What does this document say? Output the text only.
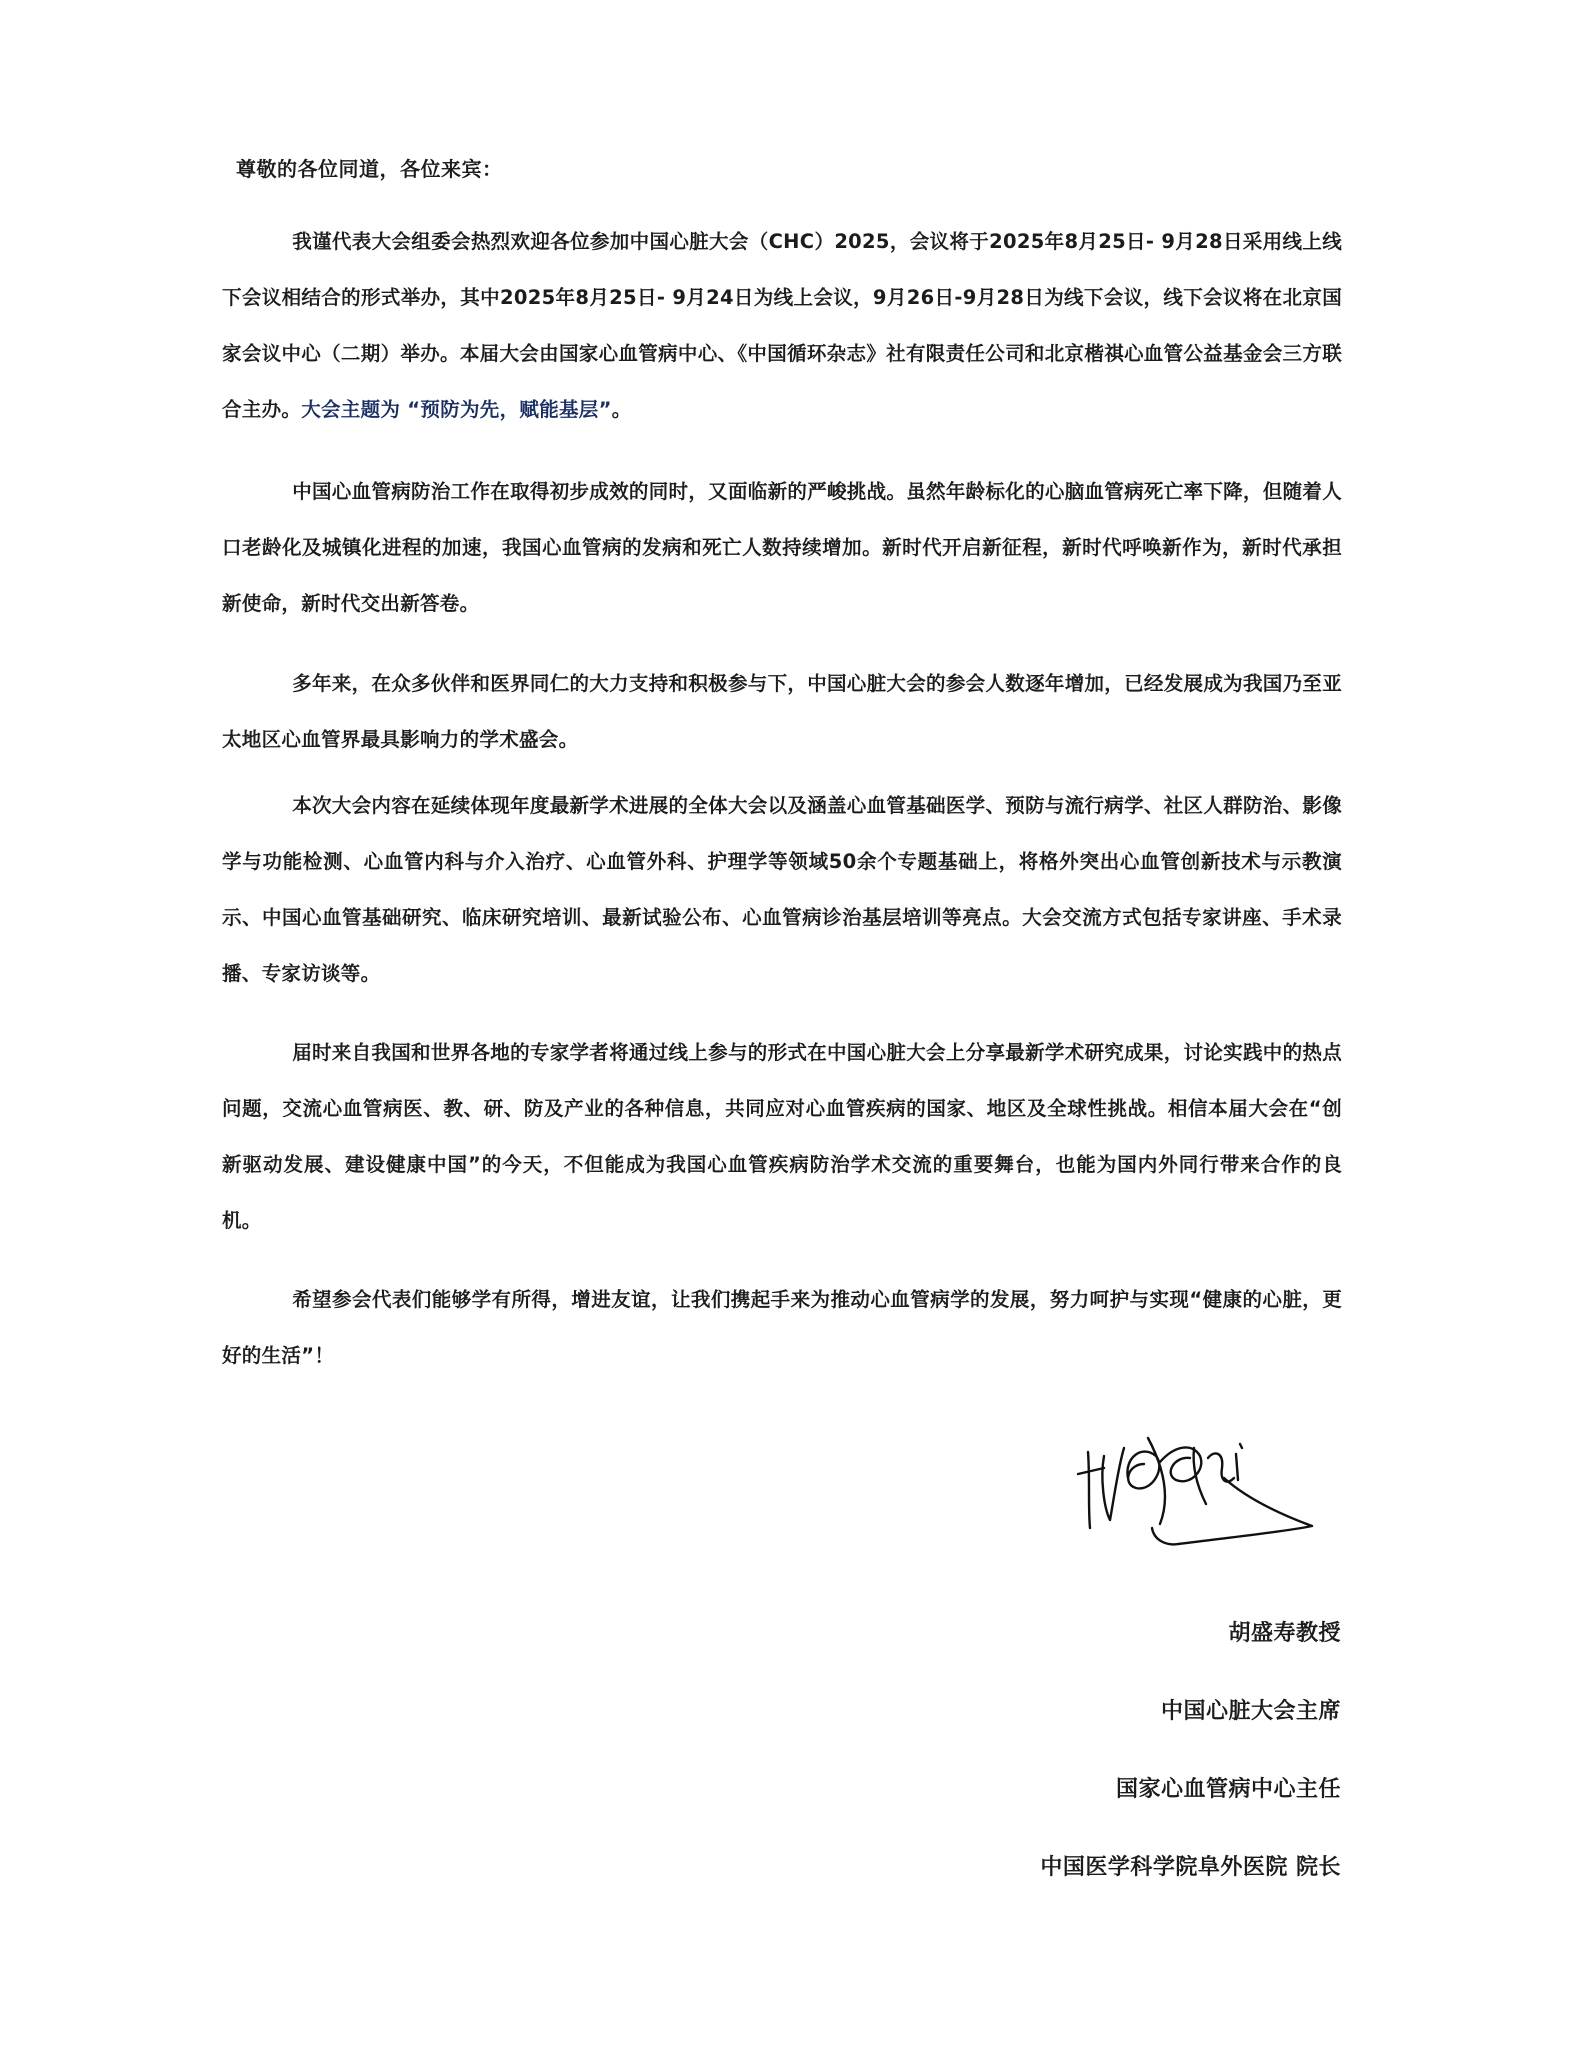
尊敬的各位同道，各位来宾：

我谨代表大会组委会热烈欢迎各位参加中国心脏大会（CHC）2025，会议将于2025年8月25日- 9月28日采用线上线下会议相结合的形式举办，其中2025年8月25日- 9月24日为线上会议，9月26日-9月28日为线下会议，线下会议将在北京国家会议中心（二期）举办。本届大会由国家心血管病中心、《中国循环杂志》社有限责任公司和北京楷祺心血管公益基金会三方联合主办。大会主题为 “预防为先，赋能基层”。

中国心血管病防治工作在取得初步成效的同时，又面临新的严峻挑战。虽然年龄标化的心脑血管病死亡率下降，但随着人口老龄化及城镇化进程的加速，我国心血管病的发病和死亡人数持续增加。新时代开启新征程，新时代呼唤新作为，新时代承担新使命，新时代交出新答卷。

多年来，在众多伙伴和医界同仁的大力支持和积极参与下，中国心脏大会的参会人数逐年增加，已经发展成为我国乃至亚太地区心血管界最具影响力的学术盛会。

本次大会内容在延续体现年度最新学术进展的全体大会以及涵盖心血管基础医学、预防与流行病学、社区人群防治、影像学与功能检测、心血管内科与介入治疗、心血管外科、护理学等领域50余个专题基础上，将格外突出心血管创新技术与示教演示、中国心血管基础研究、临床研究培训、最新试验公布、心血管病诊治基层培训等亮点。大会交流方式包括专家讲座、手术录播、专家访谈等。

届时来自我国和世界各地的专家学者将通过线上参与的形式在中国心脏大会上分享最新学术研究成果，讨论实践中的热点问题，交流心血管病医、教、研、防及产业的各种信息，共同应对心血管疾病的国家、地区及全球性挑战。相信本届大会在“创新驱动发展、建设健康中国”的今天，不但能成为我国心血管疾病防治学术交流的重要舞台，也能为国内外同行带来合作的良机。

希望参会代表们能够学有所得，增进友谊，让我们携起手来为推动心血管病学的发展，努力呵护与实现“健康的心脏，更好的生活”！

胡盛寿教授
中国心脏大会主席
国家心血管病中心主任
中国医学科学院阜外医院 院长
